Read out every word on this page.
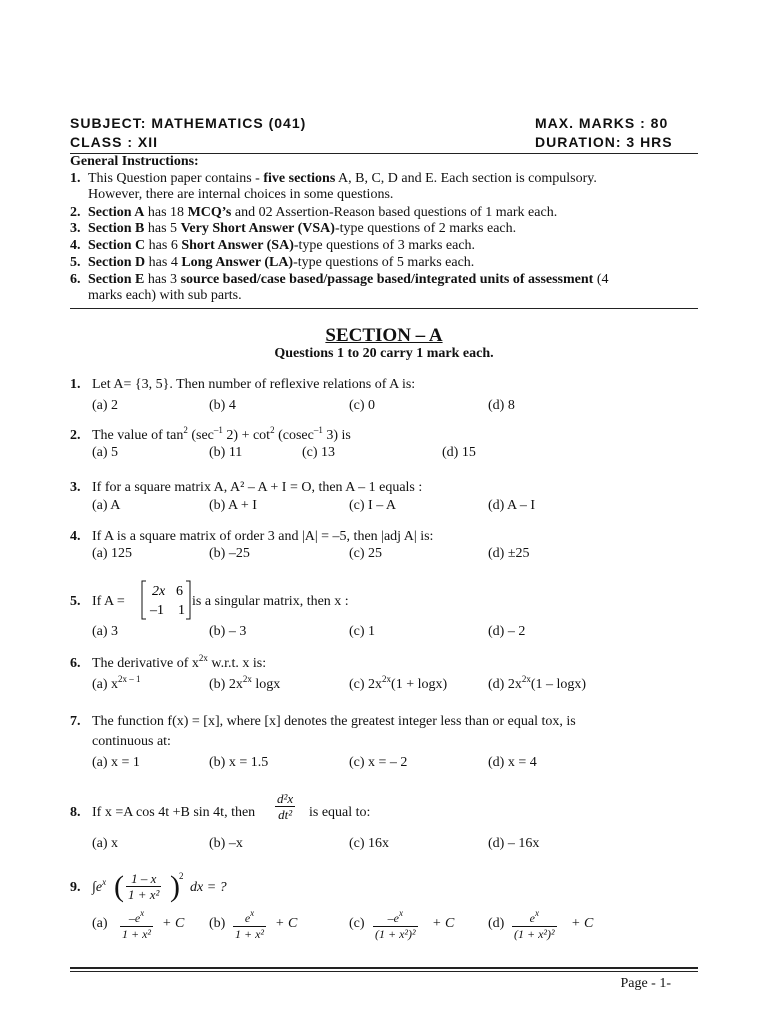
SUBJECT: MATHEMATICS (041)	MAX. MARKS : 80
CLASS : XII	DURATION: 3 HRS
General Instructions:
1. This Question paper contains - five sections A, B, C, D and E. Each section is compulsory.
However, there are internal choices in some questions.
2. Section A has 18 MCQ’s and 02 Assertion-Reason based questions of 1 mark each.
3. Section B has 5 Very Short Answer (VSA)-type questions of 2 marks each.
4. Section C has 6 Short Answer (SA)-type questions of 3 marks each.
5. Section D has 4 Long Answer (LA)-type questions of 5 marks each.
6. Section E has 3 source based/case based/passage based/integrated units of assessment (4
marks each) with sub parts.
SECTION – A
Questions 1 to 20 carry 1 mark each.
1. Let A= {3, 5}. Then number of reflexive relations of A is:
(a) 2	(b) 4	(c) 0	(d) 8
2. The value of $\tan^2 (\sec^{-1}$ $2) + \cot^2 (cosec^{-1}$ 3) is
(a) 5	(b) 11	(c) 13	(d) 15
3. If for a square matrix A, A² – A + I = O, then A – 1 equals :
(a) A	(b) A + I	(c) I – A	(d) A – I
4. If A is a square matrix of order 3 and |A| = –5, then |adj A| is:
(a) 125	(b) –25	(c) 25	(d) ±25
5. If A =
2x 6
–1 1
is a singular matrix, then x :
(a) 3	(b) – 3	(c) 1	(d) – 2
6. The derivative of $x^{2x}$ w.r.t. x is:
(a) $x^{2x - 1}$	(b) $2x^{2x}$ logx	(c) $2x^{2x}(1 + \log x)$	(d) $2x^{2x}(1 - \log x)$
7. The function f(x) = [x], where [x] denotes the greatest integer less than or equal tox, is
continuous at:
(a) x = 1	(b) x = 1.5	(c) x = – 2	(d) x = 4
8. If x =A cos 4t +B sin 4t, then $\frac{\text{d²x}}{\text{dt²}}$ is equal to:
(a) x	(b) –x	(c) 16x	(d) – 16x
9. $\int e^x$ ( $\frac{1 - x}{\text{1 + x²}}$ ) 2
dx = ?
$(a) \frac{-e^x}{\text{1 + x²}} + C$ $(b) \frac{e^x}{\text{1 + x²}} + C$	$(c) \frac{-e^x}{\text{(1 + x²)²}} + C$ $(d) \frac{e^x}{\text{(1 + x²)²}} + C$
Page - 1-
